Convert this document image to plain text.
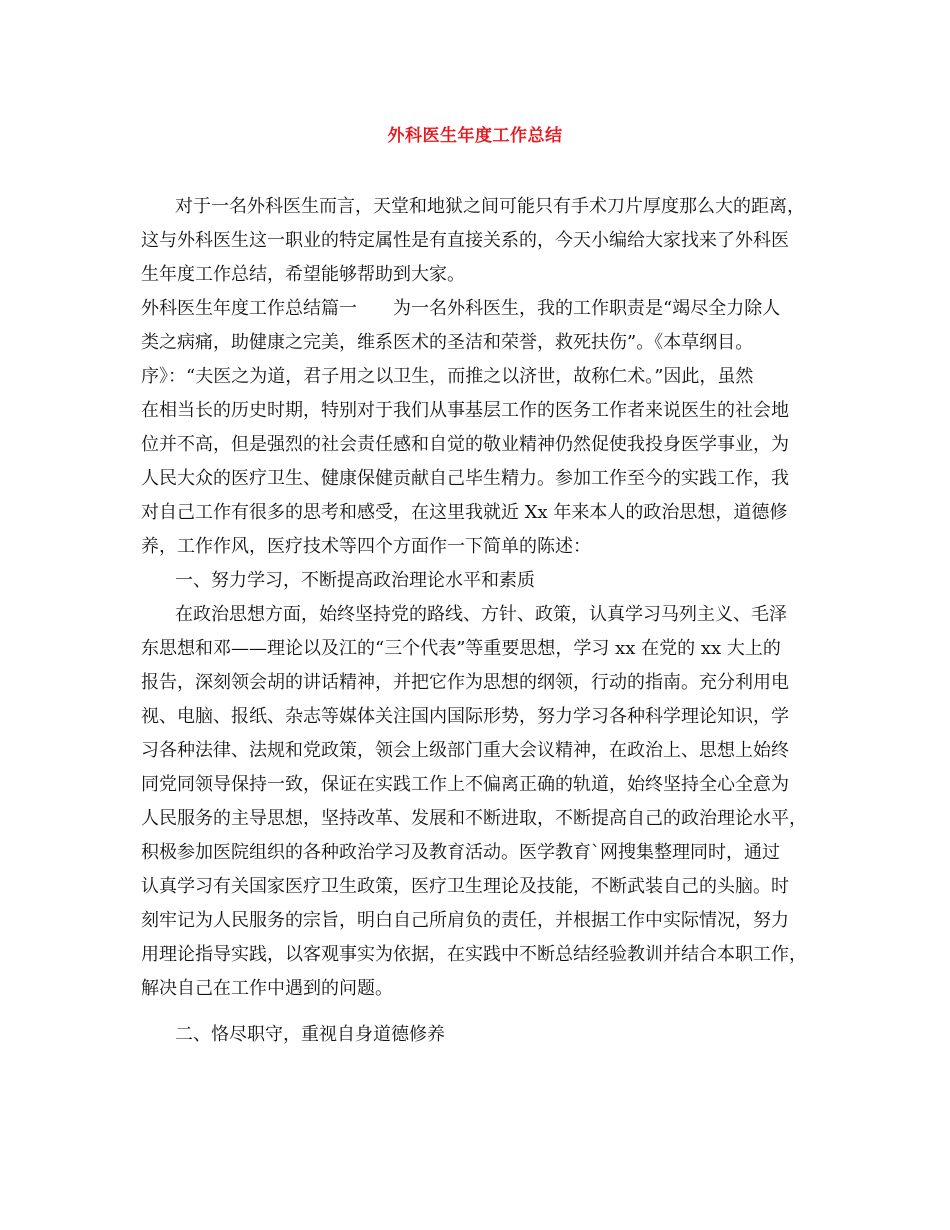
外科医生年度工作总结
对于一名外科医生而言，天堂和地狱之间可能只有手术刀片厚度那么大的距离，
这与外科医生这一职业的特定属性是有直接关系的，今天小编给大家找来了外科医
生年度工作总结，希望能够帮助到大家。
外科医生年度工作总结篇一　　为一名外科医生，我的工作职责是“竭尽全力除人
类之病痛，助健康之完美，维系医术的圣洁和荣誉，救死扶伤”。《本草纲目。
序》：“夫医之为道，君子用之以卫生，而推之以济世，故称仁术。”因此，虽然
在相当长的历史时期，特别对于我们从事基层工作的医务工作者来说医生的社会地
位并不高，但是强烈的社会责任感和自觉的敬业精神仍然促使我投身医学事业，为
人民大众的医疗卫生、健康保健贡献自己毕生精力。参加工作至今的实践工作，我
对自己工作有很多的思考和感受，在这里我就近 Xx 年来本人的政治思想，道德修
养，工作作风，医疗技术等四个方面作一下简单的陈述：
一、努力学习，不断提高政治理论水平和素质
在政治思想方面，始终坚持党的路线、方针、政策，认真学习马列主义、毛泽
东思想和邓——理论以及江的“三个代表”等重要思想，学习 xx 在党的 xx 大上的
报告，深刻领会胡的讲话精神，并把它作为思想的纲领，行动的指南。充分利用电
视、电脑、报纸、杂志等媒体关注国内国际形势，努力学习各种科学理论知识，学
习各种法律、法规和党政策，领会上级部门重大会议精神，在政治上、思想上始终
同党同领导保持一致，保证在实践工作上不偏离正确的轨道，始终坚持全心全意为
人民服务的主导思想，坚持改革、发展和不断进取，不断提高自己的政治理论水平，
积极参加医院组织的各种政治学习及教育活动。医学教育`网搜集整理同时，通过
认真学习有关国家医疗卫生政策，医疗卫生理论及技能，不断武装自己的头脑。时
刻牢记为人民服务的宗旨，明白自己所肩负的责任，并根据工作中实际情况，努力
用理论指导实践，以客观事实为依据，在实践中不断总结经验教训并结合本职工作，
解决自己在工作中遇到的问题。
二、恪尽职守，重视自身道德修养
